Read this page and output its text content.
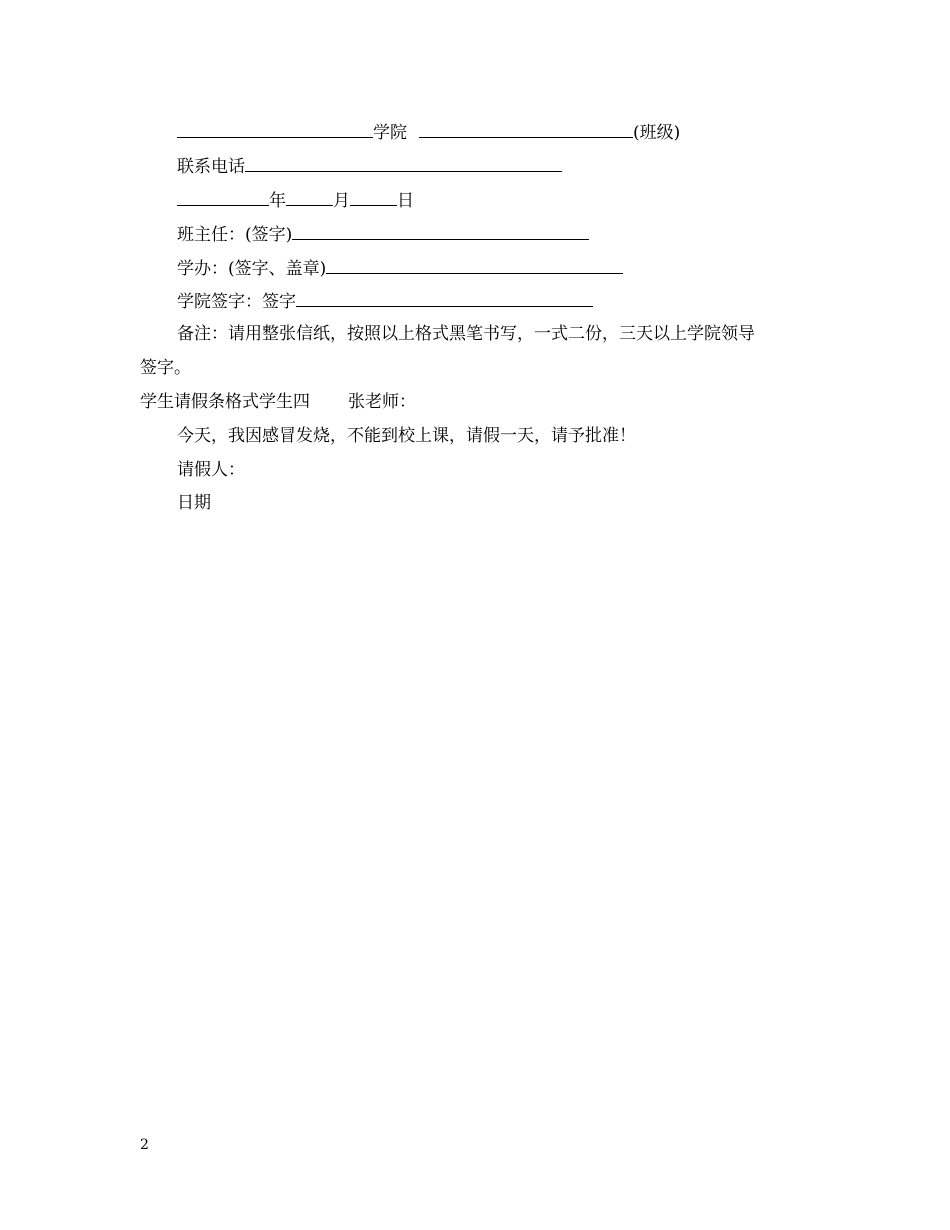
学院	(班级)
联系电话
年	月	日
班主任：(签字)
学办：(签字、盖章)
学院签字：签字
备注：请用整张信纸，按照以上格式黑笔书写，一式二份，三天以上学院领导
签字。
学生请假条格式学生四 张老师：
今天，我因感冒发烧，不能到校上课，请假一天，请予批准！
请假人：
日期
2
